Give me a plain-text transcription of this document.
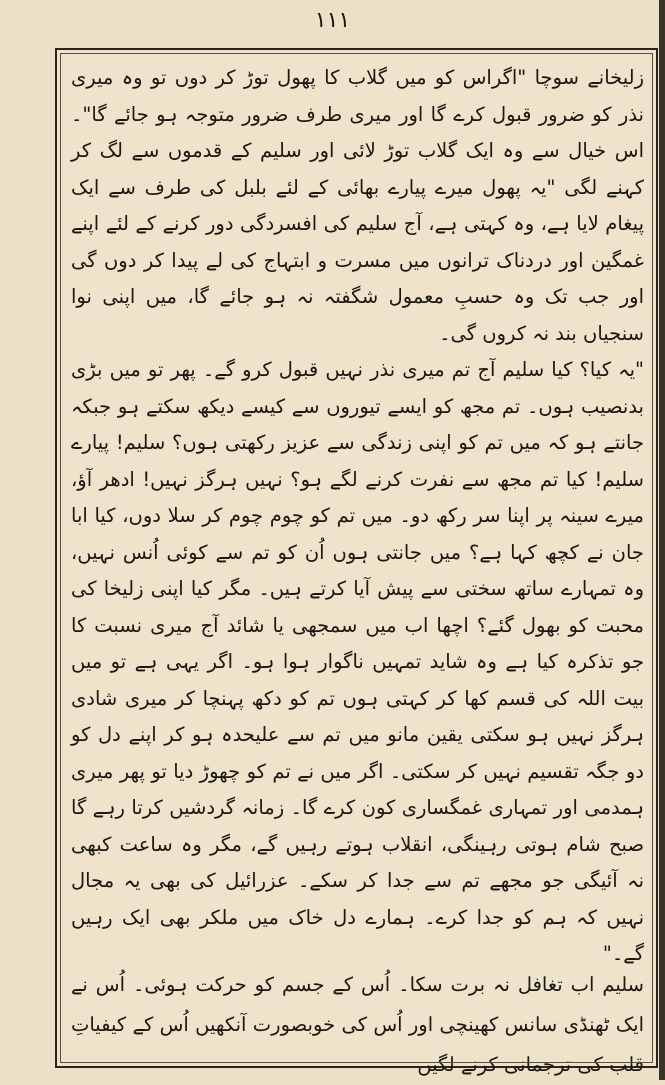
۱۱۱

زلیخانے سوچا "اگراس کو میں گلاب کا پھول توڑ کر دوں تو وہ میری نذر کو ضرور قبول کرے گا اور میری طرف ضرور متوجہ ہو جائے گا"۔ اس خیال سے وہ ایک گلاب توڑ لائی اور سلیم کے قدموں سے لگ کر کہنے لگی "یہ پھول میرے پیارے بھائی کے لئے بلبل کی طرف سے ایک پیغام لایا ہے، وہ کہتی ہے، آج سلیم کی افسردگی دور کرنے کے لئے اپنے غمگین اور دردناک ترانوں میں مسرت و ابتہاج کی لے پیدا کر دوں گی اور جب تک وہ حسبِ معمول شگفتہ نہ ہو جائے گا، میں اپنی نوا سنجیاں بند نہ کروں گی۔

"یہ کیا؟ کیا سلیم آج تم میری نذر نہیں قبول کرو گے۔ پھر تو میں بڑی بدنصیب ہوں۔ تم مجھ کو ایسے تیوروں سے کیسے دیکھ سکتے ہو جبکہ جانتے ہو کہ میں تم کو اپنی زندگی سے عزیز رکھتی ہوں؟ سلیم! پیارے سلیم! کیا تم مجھ سے نفرت کرنے لگے ہو؟ نہیں ہرگز نہیں! ادھر آؤ، میرے سینہ پر اپنا سر رکھ دو۔ میں تم کو چوم چوم کر سلا دوں، کیا ابا جان نے کچھ کہا ہے؟ میں جانتی ہوں اُن کو تم سے کوئی اُنس نہیں، وہ تمہارے ساتھ سختی سے پیش آیا کرتے ہیں۔ مگر کیا اپنی زلیخا کی محبت کو بھول گئے؟ اچھا اب میں سمجھی یا شائد آج میری نسبت کا جو تذکرہ کیا ہے وہ شاید تمہیں ناگوار ہوا ہو۔ اگر یہی ہے تو میں بیت اللہ کی قسم کھا کر کہتی ہوں تم کو دکھ پہنچا کر میری شادی ہرگز نہیں ہو سکتی یقین مانو میں تم سے علیحدہ ہو کر اپنے دل کو دو جگہ تقسیم نہیں کر سکتی۔ اگر میں نے تم کو چھوڑ دیا تو پھر میری ہمدمی اور تمہاری غمگساری کون کرے گا۔ زمانہ گردشیں کرتا رہے گا صبح شام ہوتی رہینگی، انقلاب ہوتے رہیں گے، مگر وہ ساعت کبھی نہ آئیگی جو مجھے تم سے جدا کر سکے۔ عزرائیل کی بھی یہ مجال نہیں کہ ہم کو جدا کرے۔ ہمارے دل خاک میں ملکر بھی ایک رہیں گے۔"

سلیم اب تغافل نہ برت سکا۔ اُس کے جسم کو حرکت ہوئی۔ اُس نے ایک ٹھنڈی سانس کھینچی اور اُس کی خوبصورت آنکھیں اُس کے کیفیاتِ قلب کی ترجمانی کرنے لگیں
